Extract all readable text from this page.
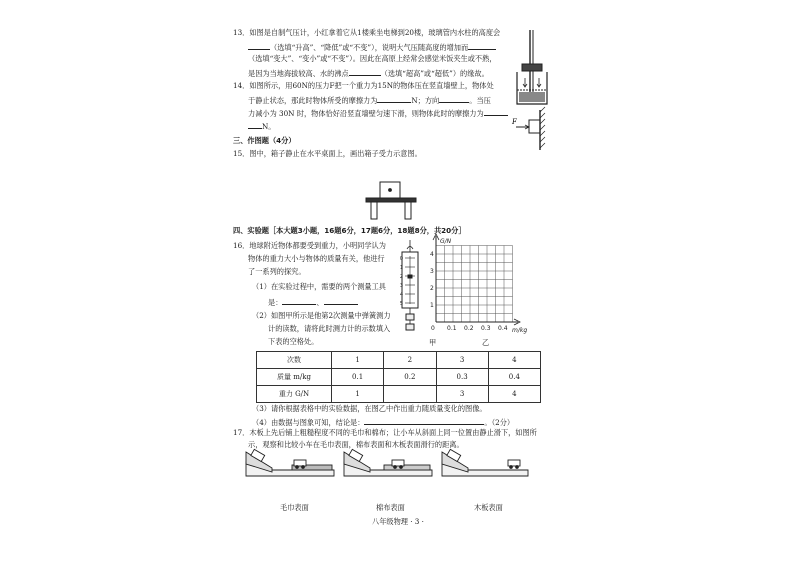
13．如图是自制气压计，小红拿着它从1楼乘坐电梯到20楼，玻璃管内水柱的高度会
（选填“升高”、“降低”或“不变”），说明大气压随高度的增加而
（选填“变大”、“变小”或“不变”）。因此在高原上经常会感觉米饭夹生或不熟，
是因为当地海拔较高、水的沸点	（选填“超高”或“超低”）的缘故。
14．如图所示，用60N的压力F把一个重力为15N的物体压在竖直墙壁上，物体处
于静止状态，那此时物体所受的摩擦力为	N；方向	。当压
力减小为 30N 时，物体恰好沿竖直墙壁匀速下滑，则物体此时的摩擦力为
N。
三、作图题（4分）
15．图中，箱子静止在水平桌面上，画出箱子受力示意图。
四、实验题［本大题3小题，16题6分，17题6分，18题8分，共20分］
16．地球附近物体都要受到重力，小明同学认为
物体的重力大小与物体的质量有关，他进行
了一系列的探究。
（1）在实验过程中，需要的两个测量工具
是：	、
（2）如图甲所示是他第2次测量中弹簧测力
计的读数，请将此时测力计的示数填入
下表的空格处。	甲	乙
次数	1	2	3	4
质量 m/kg	0.1	0.2	0.3	0.4
重力 G/N	1		3	4
（3）请你根据表格中的实验数据，在图乙中作出重力随质量变化的图像。
（4）由数据与图象可知，结论是：	。（2分）
17．木板上先后铺上粗糙程度不同的毛巾和棉布；让小车从斜面上同一位置由静止滑下，如图所
示，观察和比较小车在毛巾表面，棉布表面和木板表面滑行的距离。
毛巾表面	棉布表面	木板表面
八年级物理 · 3 ·
F
0
1
2
3
4
5	1
2
3
4
0 0.1 0.2 0.3 0.4
G/N
m/kg
